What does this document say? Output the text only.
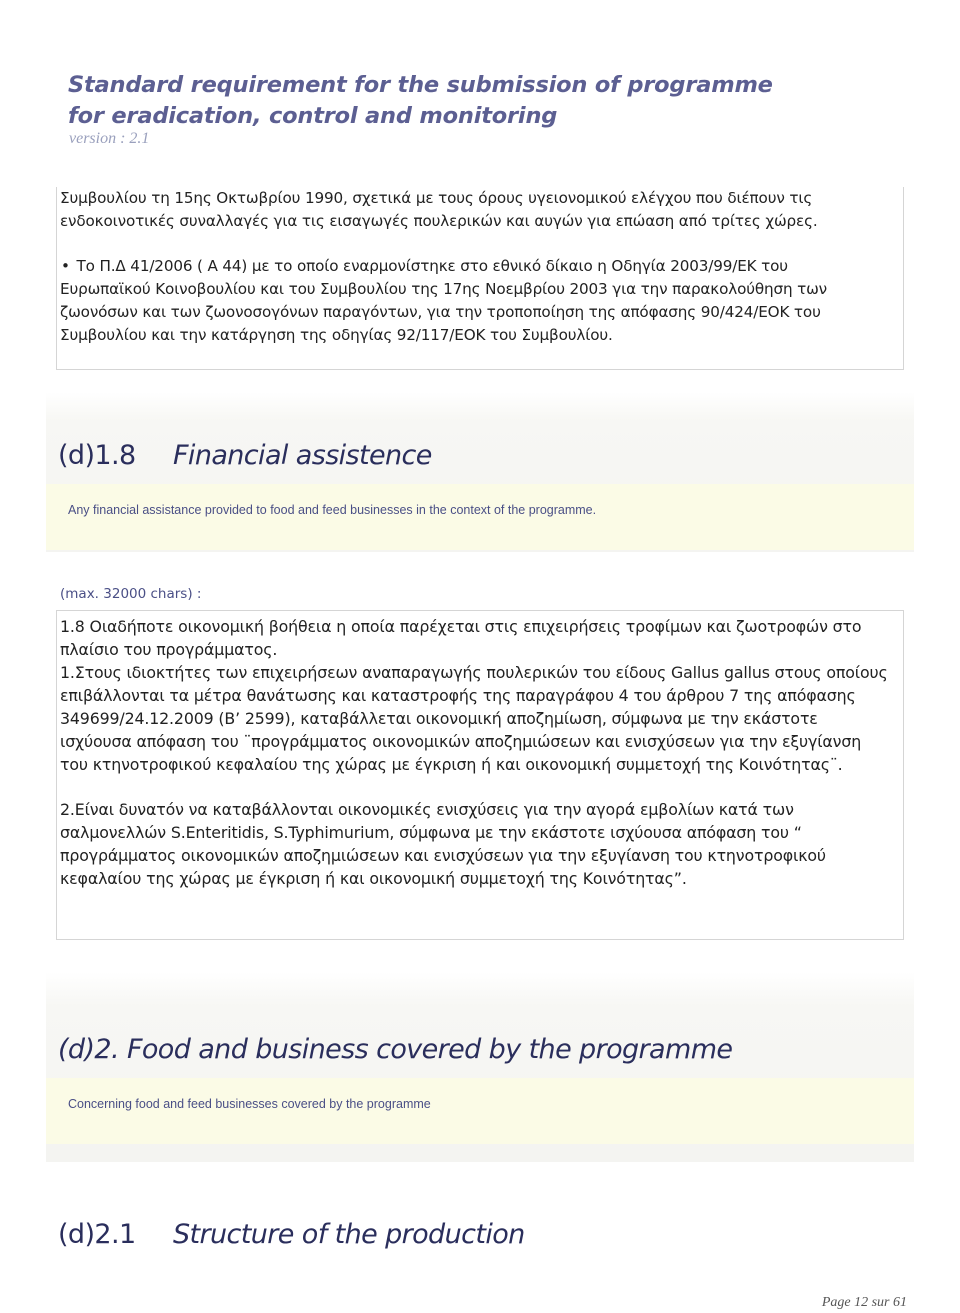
Standard requirement for the submission of programme
for eradication, control and monitoring
version : 2.1

Συμβουλίου τη 15ης Οκτωβρίου 1990, σχετικά με τους όρους υγειονομικού ελέγχου που διέπουν τις

ενδοκοινοτικές συναλλαγές για τις εισαγωγές πουλερικών και αυγών για επώαση από τρίτες χώρες.

• Το Π.Δ 41/2006 ( Α 44) με το οποίο εναρμονίστηκε στο εθνικό δίκαιο η Οδηγία 2003/99/ΕΚ του

Ευρωπαϊκού Κοινοβουλίου και του Συμβουλίου της 17ης Νοεμβρίου 2003 για την παρακολούθηση των

ζωονόσων και των ζωονοσογόνων παραγόντων, για την τροποποίηση της απόφασης 90/424/ΕΟΚ του

Συμβουλίου και την κατάργηση της οδηγίας 92/117/ΕΟΚ του Συμβουλίου.

(d)1.8 Financial assistence
Any financial assistance provided to food and feed businesses in the context of the programme.
(max. 32000 chars) :

1.8 Οιαδήποτε οικονομική βοήθεια η οποία παρέχεται στις επιχειρήσεις τροφίμων και ζωοτροφών στο

πλαίσιο του προγράμματος.

1.Στους ιδιοκτήτες των επιχειρήσεων αναπαραγωγής πουλερικών του είδους Gallus gallus στους οποίους

επιβάλλονται τα μέτρα θανάτωσης και καταστροφής της παραγράφου 4 του άρθρου 7 της απόφασης

349699/24.12.2009 (Β’ 2599), καταβάλλεται οικονομική αποζημίωση, σύμφωνα με την εκάστοτε

ισχύουσα απόφαση του ¨προγράμματος οικονομικών αποζημιώσεων και ενισχύσεων για την εξυγίανση

του κτηνοτροφικού κεφαλαίου της χώρας με έγκριση ή και οικονομική συμμετοχή της Κοινότητας¨.

2.Είναι δυνατόν να καταβάλλονται οικονομικές ενισχύσεις για την αγορά εμβολίων κατά των

σαλμονελλών S.Enteritidis, S.Typhimurium, σύμφωνα με την εκάστοτε ισχύουσα απόφαση του “

προγράμματος οικονομικών αποζημιώσεων και ενισχύσεων για την εξυγίανση του κτηνοτροφικού

κεφαλαίου της χώρας με έγκριση ή και οικονομική συμμετοχή της Κοινότητας”.

(d)2. Food and business covered by the programme
Concerning food and feed businesses covered by the programme
(d)2.1 Structure of the production
Page 12 sur 61
